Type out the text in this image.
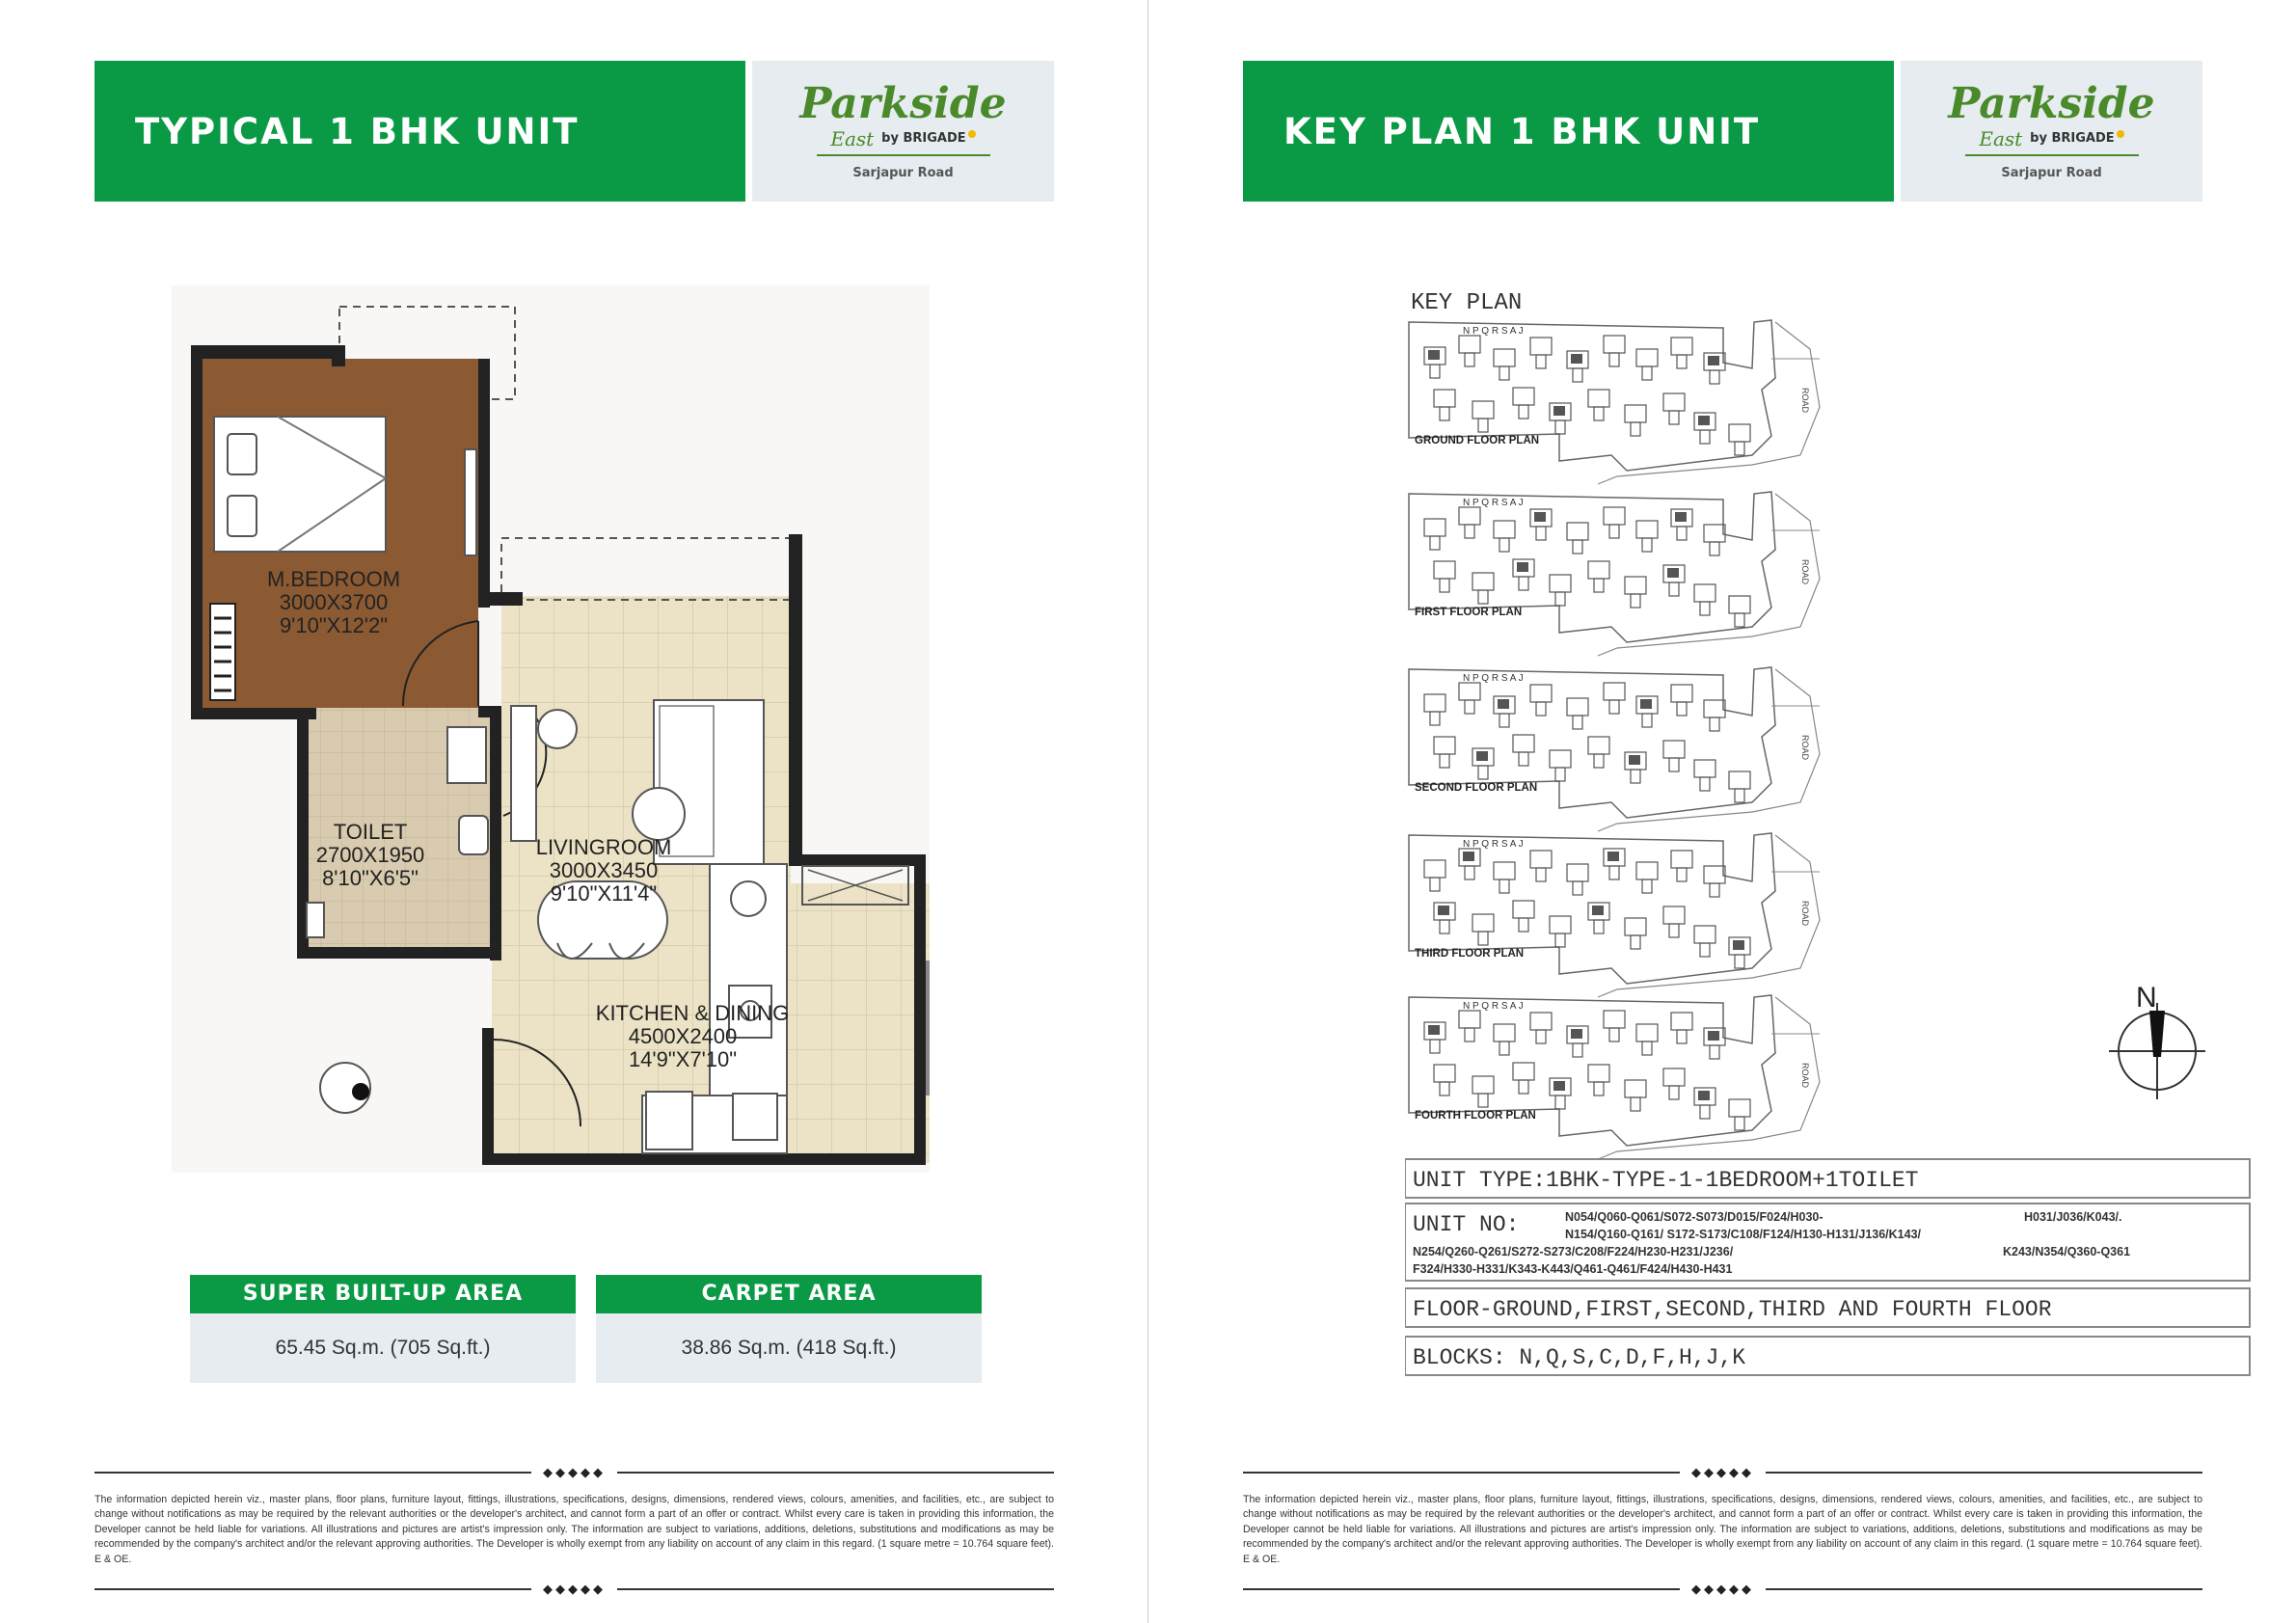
TYPICAL 1 BHK UNIT
Parkside
East by BRIGADE
Sarjapur Road
M.BEDROOM
3000X3700
9'10"X12'2"
TOILET
2700X1950
8'10"X6'5"
LIVINGROOM
3000X3450
9'10"X11'4"
KITCHEN & DINING
4500X2400
14'9"X7'10"
SUPER BUILT-UP AREA
65.45 Sq.m. (705 Sq.ft.)
CARPET AREA
38.86 Sq.m. (418 Sq.ft.)
◆◆◆◆◆
The information depicted herein viz., master plans, floor plans, furniture layout, fittings, illustrations, specifications, designs, dimensions, rendered views, colours, amenities, and facilities, etc., are subject to change without notifications as may be required by the relevant authorities or the developer's architect, and cannot form a part of an offer or contract. Whilst every care is taken in providing this information, the Developer cannot be held liable for variations. All illustrations and pictures are artist's impression only. The information are subject to variations, additions, deletions, substitutions and modifications as may be recommended by the company's architect and/or the relevant approving authorities. The Developer is wholly exempt from any liability on account of any claim in this regard. (1 square metre = 10.764 square feet). E & OE.
◆◆◆◆◆
KEY PLAN 1 BHK UNIT
Parkside
East by BRIGADE
Sarjapur Road
KEY PLAN
N P Q R S A J
ROAD
GROUND FLOOR PLAN
N P Q R S A J
ROAD
FIRST FLOOR PLAN
N P Q R S A J
ROAD
SECOND FLOOR PLAN
N P Q R S A J
ROAD
THIRD FLOOR PLAN
N P Q R S A J
ROAD
FOURTH FLOOR PLAN
N
UNIT TYPE:1BHK-TYPE-1-1BEDROOM+1TOILET
UNIT NO:	N054/Q060-Q061/S072-S073/D015/F024/H030-	H031/J036/K043/.
N154/Q160-Q161/ S172-S173/C108/F124/H130-H131/J136/K143/
N254/Q260-Q261/S272-S273/C208/F224/H230-H231/J236/	K243/N354/Q360-Q361
F324/H330-H331/K343-K443/Q461-Q461/F424/H430-H431
FLOOR-GROUND,FIRST,SECOND,THIRD AND FOURTH FLOOR
BLOCKS: N,Q,S,C,D,F,H,J,K
◆◆◆◆◆
The information depicted herein viz., master plans, floor plans, furniture layout, fittings, illustrations, specifications, designs, dimensions, rendered views, colours, amenities, and facilities, etc., are subject to change without notifications as may be required by the relevant authorities or the developer's architect, and cannot form a part of an offer or contract. Whilst every care is taken in providing this information, the Developer cannot be held liable for variations. All illustrations and pictures are artist's impression only. The information are subject to variations, additions, deletions, substitutions and modifications as may be recommended by the company's architect and/or the relevant approving authorities. The Developer is wholly exempt from any liability on account of any claim in this regard. (1 square metre = 10.764 square feet). E & OE.
◆◆◆◆◆
